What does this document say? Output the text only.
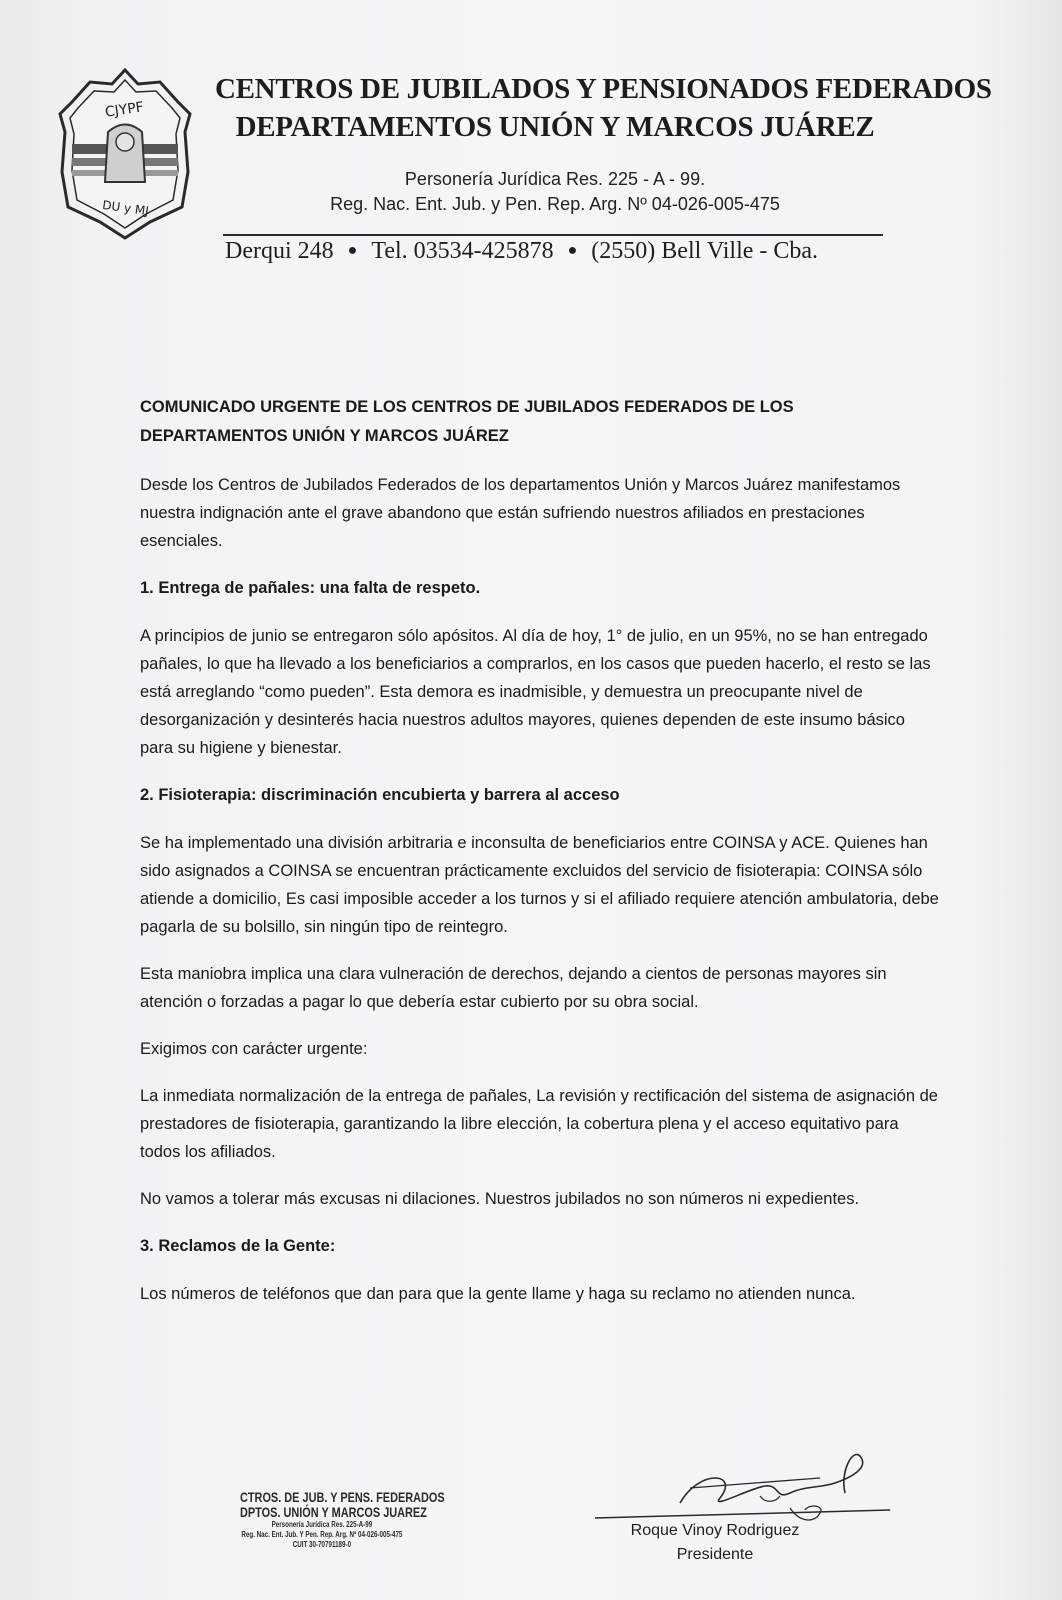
CJYPF
DU y MJ
CENTROS DE JUBILADOS Y PENSIONADOS FEDERADOS
DEPARTAMENTOS UNIÓN Y MARCOS JUÁREZ
Personería Jurídica Res. 225 - A - 99.
Reg. Nac. Ent. Jub. y Pen. Rep. Arg. Nº 04-026-005-475
Derqui 248 ● Tel. 03534-425878 ● (2550) Bell Ville - Cba.
COMUNICADO URGENTE DE LOS CENTROS DE JUBILADOS FEDERADOS DE LOS
DEPARTAMENTOS UNIÓN Y MARCOS JUÁREZ

Desde los Centros de Jubilados Federados de los departamentos Unión y Marcos Juárez manifestamos nuestra indignación ante el grave abandono que están sufriendo nuestros afiliados en prestaciones esenciales.

1. Entrega de pañales: una falta de respeto.

A principios de junio se entregaron sólo apósitos. Al día de hoy, 1° de julio, en un 95%, no se han entregado pañales, lo que ha llevado a los beneficiarios a comprarlos, en los casos que pueden hacerlo, el resto se las está arreglando “como pueden”. Esta demora es inadmisible, y demuestra un preocupante nivel de desorganización y desinterés hacia nuestros adultos mayores, quienes dependen de este insumo básico para su higiene y bienestar.

2. Fisioterapia: discriminación encubierta y barrera al acceso

Se ha implementado una división arbitraria e inconsulta de beneficiarios entre COINSA y ACE. Quienes han sido asignados a COINSA se encuentran prácticamente excluidos del servicio de fisioterapia: COINSA sólo atiende a domicilio, Es casi imposible acceder a los turnos y si el afiliado requiere atención ambulatoria, debe pagarla de su bolsillo, sin ningún tipo de reintegro.

Esta maniobra implica una clara vulneración de derechos, dejando a cientos de personas mayores sin atención o forzadas a pagar lo que debería estar cubierto por su obra social.

Exigimos con carácter urgente:

La inmediata normalización de la entrega de pañales, La revisión y rectificación del sistema de asignación de prestadores de fisioterapia, garantizando la libre elección, la cobertura plena y el acceso equitativo para todos los afiliados.

No vamos a tolerar más excusas ni dilaciones. Nuestros jubilados no son números ni expedientes.

3. Reclamos de la Gente:

Los números de teléfonos que dan para que la gente llame y haga su reclamo no atienden nunca.

CTROS. DE JUB. Y PENS. FEDERADOS
DPTOS. UNIÓN Y MARCOS JUAREZ
Personería Jurídica Res. 225-A-99
Reg. Nac. Ent. Jub. Y Pen. Rep. Arg. Nº 04-026-005-475
CUIT 30-70791189-0
Roque Vinoy Rodriguez
Presidente
